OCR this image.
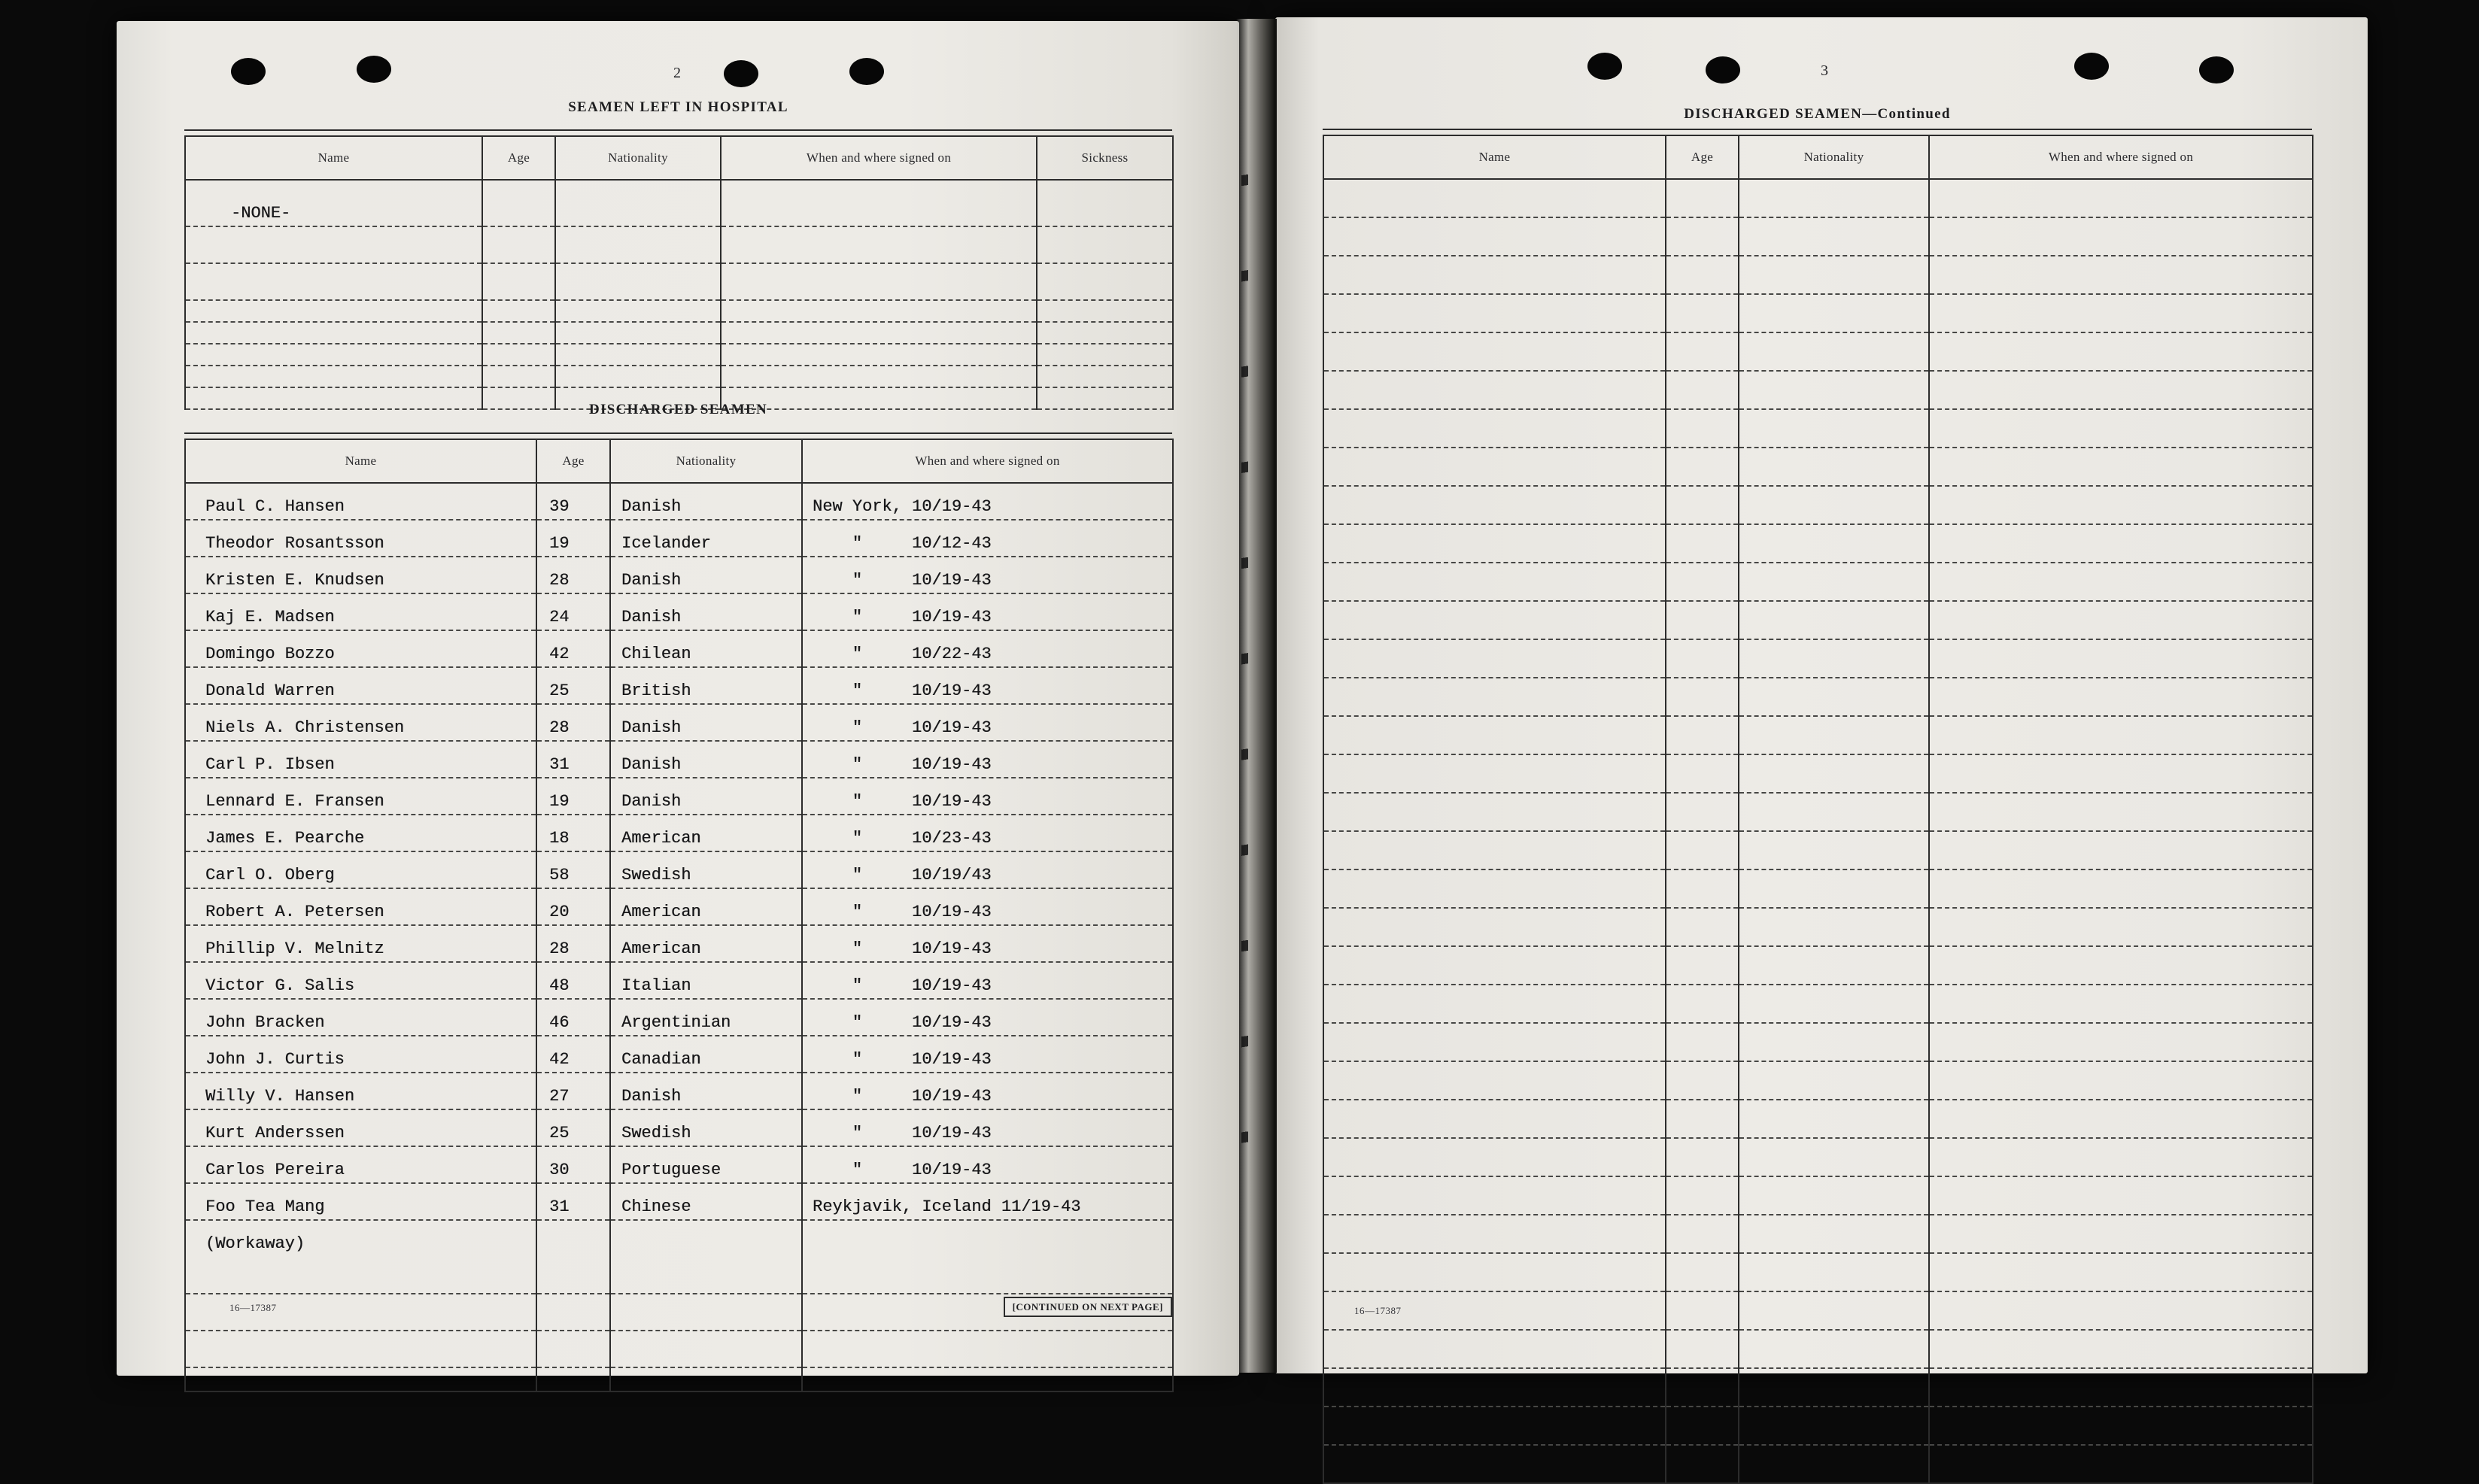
2
SEAMEN LEFT IN HOSPITAL
Name	Age	Nationality	When and where signed on	Sickness
-NONE-				

DISCHARGED SEAMEN
Name	Age	Nationality	When and where signed on
Paul C. Hansen	39	Danish	New York, 10/19-43
Theodor Rosantsson	19	Icelander	"     10/12-43
Kristen E. Knudsen	28	Danish	"     10/19-43
Kaj E. Madsen	24	Danish	"     10/19-43
Domingo Bozzo	42	Chilean	"     10/22-43
Donald Warren	25	British	"     10/19-43
Niels A. Christensen	28	Danish	"     10/19-43
Carl P. Ibsen	31	Danish	"     10/19-43
Lennard E. Fransen	19	Danish	"     10/19-43
James E. Pearche	18	American	"     10/23-43
Carl O. Oberg	58	Swedish	"     10/19/43
Robert A. Petersen	20	American	"     10/19-43
Phillip V. Melnitz	28	American	"     10/19-43
Victor G. Salis	48	Italian	"     10/19-43
John Bracken	46	Argentinian	"     10/19-43
John J. Curtis	42	Canadian	"     10/19-43
Willy V. Hansen	27	Danish	"     10/19-43
Kurt Anderssen	25	Swedish	"     10/19-43
Carlos Pereira	30	Portuguese	"     10/19-43
Foo Tea Mang	31	Chinese	Reykjavik, Iceland 11/19-43
(Workaway)			

16—17387	[CONTINUED ON NEXT PAGE]
3
DISCHARGED SEAMEN—Continued
Name	Age	Nationality	When and where signed on

16—17387
